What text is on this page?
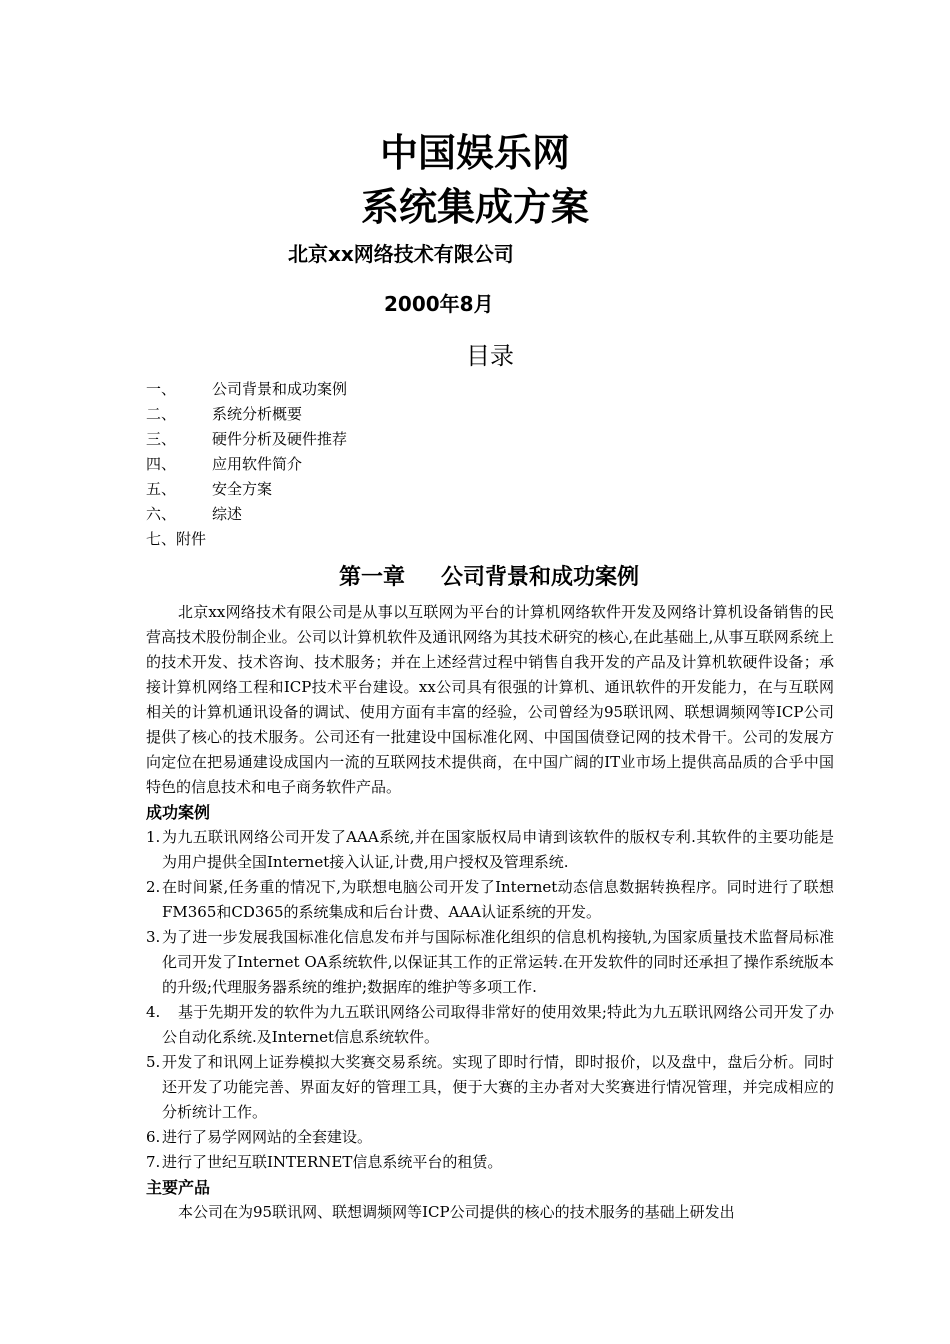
中国娱乐网
系统集成方案
北京xx网络技术有限公司
2000年8月
目录
一、	公司背景和成功案例
二、	系统分析概要
三、	硬件分析及硬件推荐
四、	应用软件简介
五、	安全方案
六、	综述
七、附件
第一章 公司背景和成功案例

北京xx网络技术有限公司是从事以互联网为平台的计算机网络软件开发及网络计算机设备销售的民营高技术股份制企业。公司以计算机软件及通讯网络为其技术研究的核心,在此基础上,从事互联网系统上的技术开发、技术咨询、技术服务；并在上述经营过程中销售自我开发的产品及计算机软硬件设备；承接计算机网络工程和ICP技术平台建设。xx公司具有很强的计算机、通讯软件的开发能力，在与互联网相关的计算机通讯设备的调试、使用方面有丰富的经验，公司曾经为95联讯网、联想调频网等ICP公司提供了核心的技术服务。公司还有一批建设中国标准化网、中国国债登记网的技术骨干。公司的发展方向定位在把易通建设成国内一流的互联网技术提供商，在中国广阔的IT业市场上提供高品质的合乎中国特色的信息技术和电子商务软件产品。

成功案例
1. 为九五联讯网络公司开发了AAA系统,并在国家版权局申请到该软件的版权专利.其软件的主要功能是为用户提供全国Internet接入认证,计费,用户授权及管理系统.
2. 在时间紧,任务重的情况下,为联想电脑公司开发了Internet动态信息数据转换程序。同时进行了联想FM365和CD365的系统集成和后台计费、AAA认证系统的开发。
3. 为了进一步发展我国标准化信息发布并与国际标准化组织的信息机构接轨,为国家质量技术监督局标准化司开发了Internet OA系统软件,以保证其工作的正常运转.在开发软件的同时还承担了操作系统版本的升级;代理服务器系统的维护;数据库的维护等多项工作.
4. 基于先期开发的软件为九五联讯网络公司取得非常好的使用效果;特此为九五联讯网络公司开发了办公自动化系统.及Internet信息系统软件。
5. 开发了和讯网上证券模拟大奖赛交易系统。实现了即时行情，即时报价，以及盘中，盘后分析。同时还开发了功能完善、界面友好的管理工具，便于大赛的主办者对大奖赛进行情况管理，并完成相应的分析统计工作。
6. 进行了易学网网站的全套建设。
7. 进行了世纪互联INTERNET信息系统平台的租赁。
主要产品

本公司在为95联讯网、联想调频网等ICP公司提供的核心的技术服务的基础上研发出
